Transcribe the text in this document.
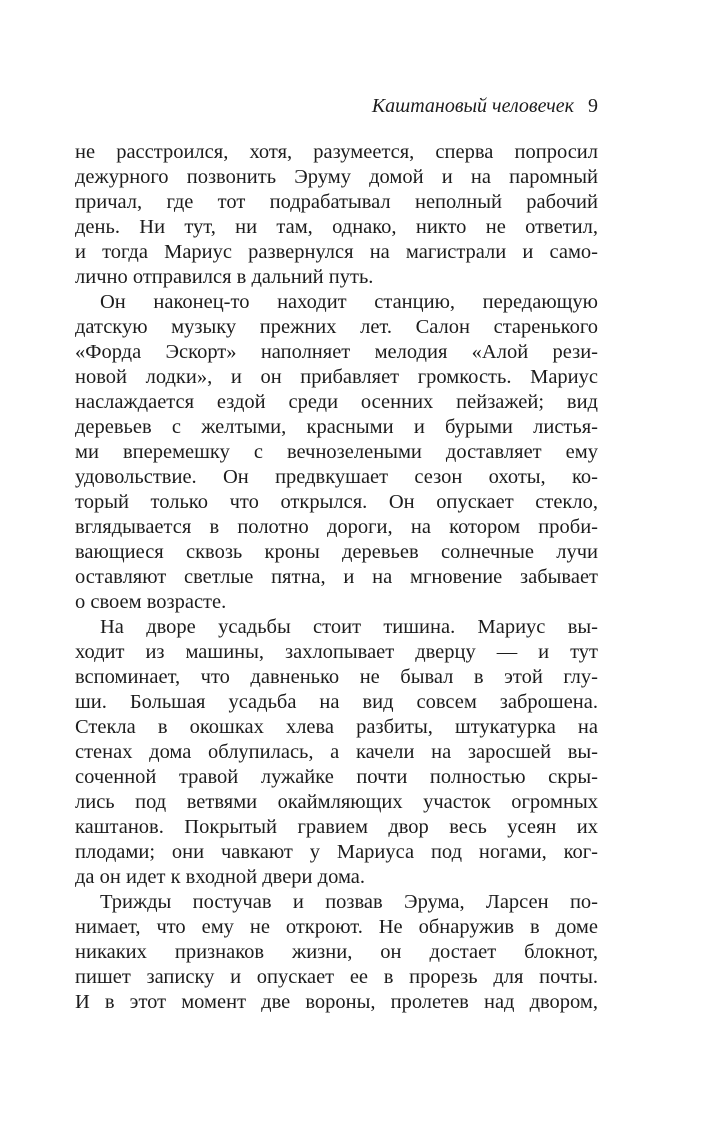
Каштановый человечек 9
не расстроился, хотя, разумеется, сперва попросил
дежурного позвонить Эруму домой и на паромный
причал, где тот подрабатывал неполный рабочий
день. Ни тут, ни там, однако, никто не ответил,
и тогда Мариус развернулся на магистрали и само-
лично отправился в дальний путь.
Он наконец-то находит станцию, передающую
датскую музыку прежних лет. Салон старенького
«Форда Эскорт» наполняет мелодия «Алой рези-
новой лодки», и он прибавляет громкость. Мариус
наслаждается ездой среди осенних пейзажей; вид
деревьев с желтыми, красными и бурыми листья-
ми вперемешку с вечнозелеными доставляет ему
удовольствие. Он предвкушает сезон охоты, ко-
торый только что открылся. Он опускает стекло,
вглядывается в полотно дороги, на котором проби-
вающиеся сквозь кроны деревьев солнечные лучи
оставляют светлые пятна, и на мгновение забывает
о своем возрасте.
На дворе усадьбы стоит тишина. Мариус вы-
ходит из машины, захлопывает дверцу — и тут
вспоминает, что давненько не бывал в этой глу-
ши. Большая усадьба на вид совсем заброшена.
Стекла в окошках хлева разбиты, штукатурка на
стенах дома облупилась, а качели на заросшей вы-
соченной травой лужайке почти полностью скры-
лись под ветвями окаймляющих участок огромных
каштанов. Покрытый гравием двор весь усеян их
плодами; они чавкают у Мариуса под ногами, ког-
да он идет к входной двери дома.
Трижды постучав и позвав Эрума, Ларсен по-
нимает, что ему не откроют. Не обнаружив в доме
никаких признаков жизни, он достает блокнот,
пишет записку и опускает ее в прорезь для почты.
И в этот момент две вороны, пролетев над двором,
